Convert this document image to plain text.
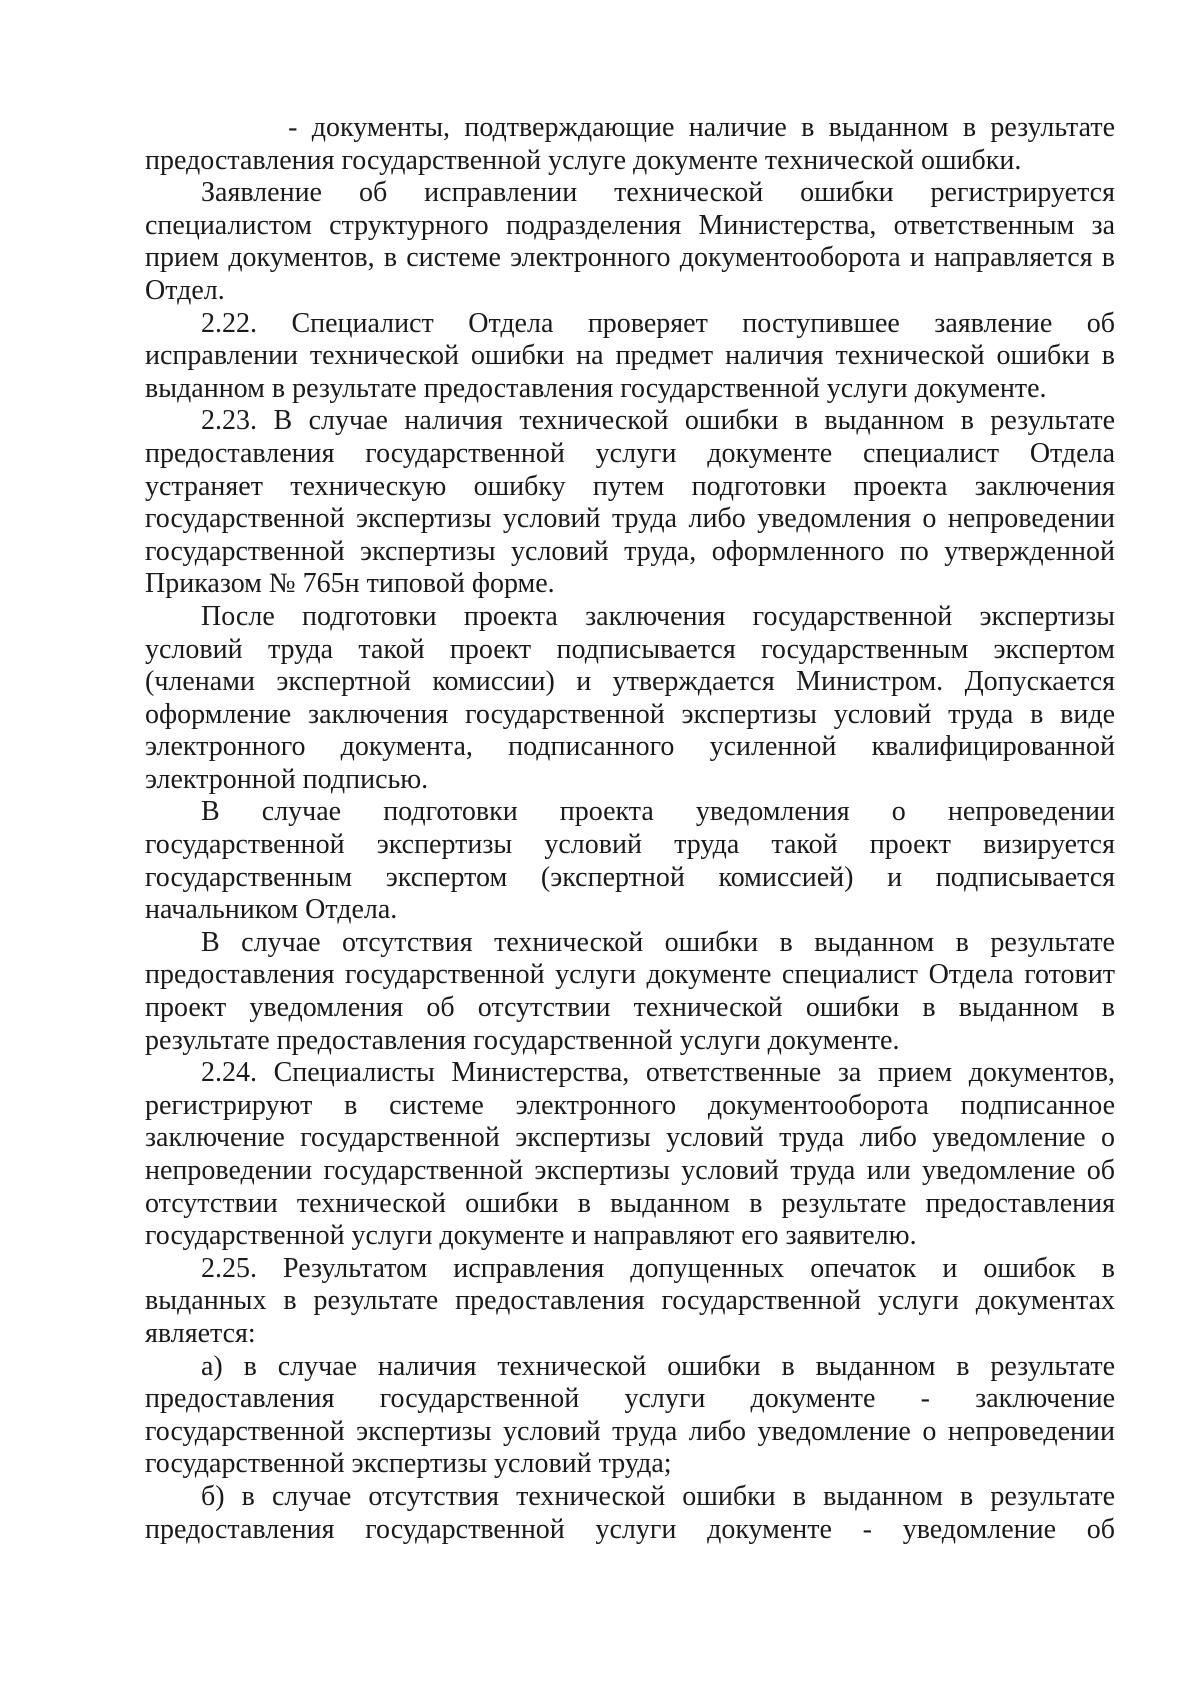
- документы, подтверждающие наличие в выданном в результате
предоставления государственной услуге документе технической ошибки.
Заявление об исправлении технической ошибки регистрируется
специалистом структурного подразделения Министерства, ответственным за
прием документов, в системе электронного документооборота и направляется в
Отдел.
2.22. Специалист Отдела проверяет поступившее заявление об
исправлении технической ошибки на предмет наличия технической ошибки в
выданном в результате предоставления государственной услуги документе.
2.23. В случае наличия технической ошибки в выданном в результате
предоставления государственной услуги документе специалист Отдела
устраняет техническую ошибку путем подготовки проекта заключения
государственной экспертизы условий труда либо уведомления о непроведении
государственной экспертизы условий труда, оформленного по утвержденной
Приказом № 765н типовой форме.
После подготовки проекта заключения государственной экспертизы
условий труда такой проект подписывается государственным экспертом
(членами экспертной комиссии) и утверждается Министром. Допускается
оформление заключения государственной экспертизы условий труда в виде
электронного документа, подписанного усиленной квалифицированной
электронной подписью.
В случае подготовки проекта уведомления о непроведении
государственной экспертизы условий труда такой проект визируется
государственным экспертом (экспертной комиссией) и подписывается
начальником Отдела.
В случае отсутствия технической ошибки в выданном в результате
предоставления государственной услуги документе специалист Отдела готовит
проект уведомления об отсутствии технической ошибки в выданном в
результате предоставления государственной услуги документе.
2.24. Специалисты Министерства, ответственные за прием документов,
регистрируют в системе электронного документооборота подписанное
заключение государственной экспертизы условий труда либо уведомление о
непроведении государственной экспертизы условий труда или уведомление об
отсутствии технической ошибки в выданном в результате предоставления
государственной услуги документе и направляют его заявителю.
2.25. Результатом исправления допущенных опечаток и ошибок в
выданных в результате предоставления государственной услуги документах
является:
а) в случае наличия технической ошибки в выданном в результате
предоставления государственной услуги документе - заключение
государственной экспертизы условий труда либо уведомление о непроведении
государственной экспертизы условий труда;
б) в случае отсутствия технической ошибки в выданном в результате
предоставления государственной услуги документе - уведомление об
